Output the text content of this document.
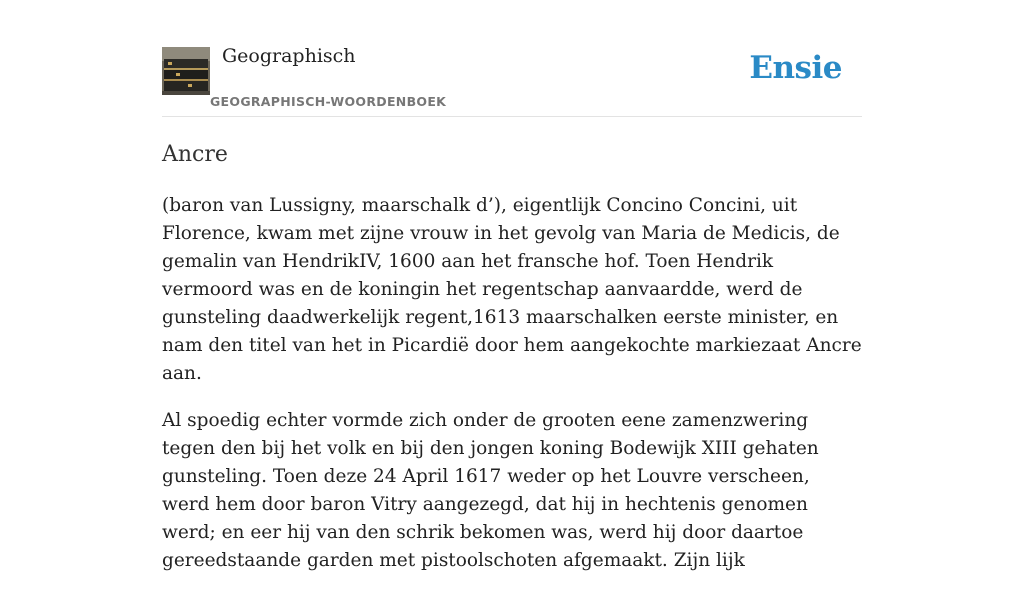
Geographisch
GEOGRAPHISCH-WOORDENBOEK
Ensie
Ancre

(baron van Lussigny, maarschalk d’), eigentlijk Concino Concini, uit Florence, kwam met zijne vrouw in het gevolg van Maria de Medicis, de gemalin van HendrikIV, 1600 aan het fransche hof. Toen Hendrik vermoord was en de koningin het regentschap aanvaardde, werd de gunsteling daadwerkelijk regent,1613 maarschalken eerste minister, en nam den titel van het in Picardië door hem aangekochte markiezaat Ancre aan.

Al spoedig echter vormde zich onder de grooten eene zamenzwering tegen den bij het volk en bij den jongen koning Bodewijk XIII gehaten gunsteling. Toen deze 24 April 1617 weder op het Louvre verscheen, werd hem door baron Vitry aangezegd, dat hij in hechtenis genomen werd; en eer hij van den schrik bekomen was, werd hij door daartoe gereedstaande garden met pistoolschoten afgemaakt. Zijn lijk
